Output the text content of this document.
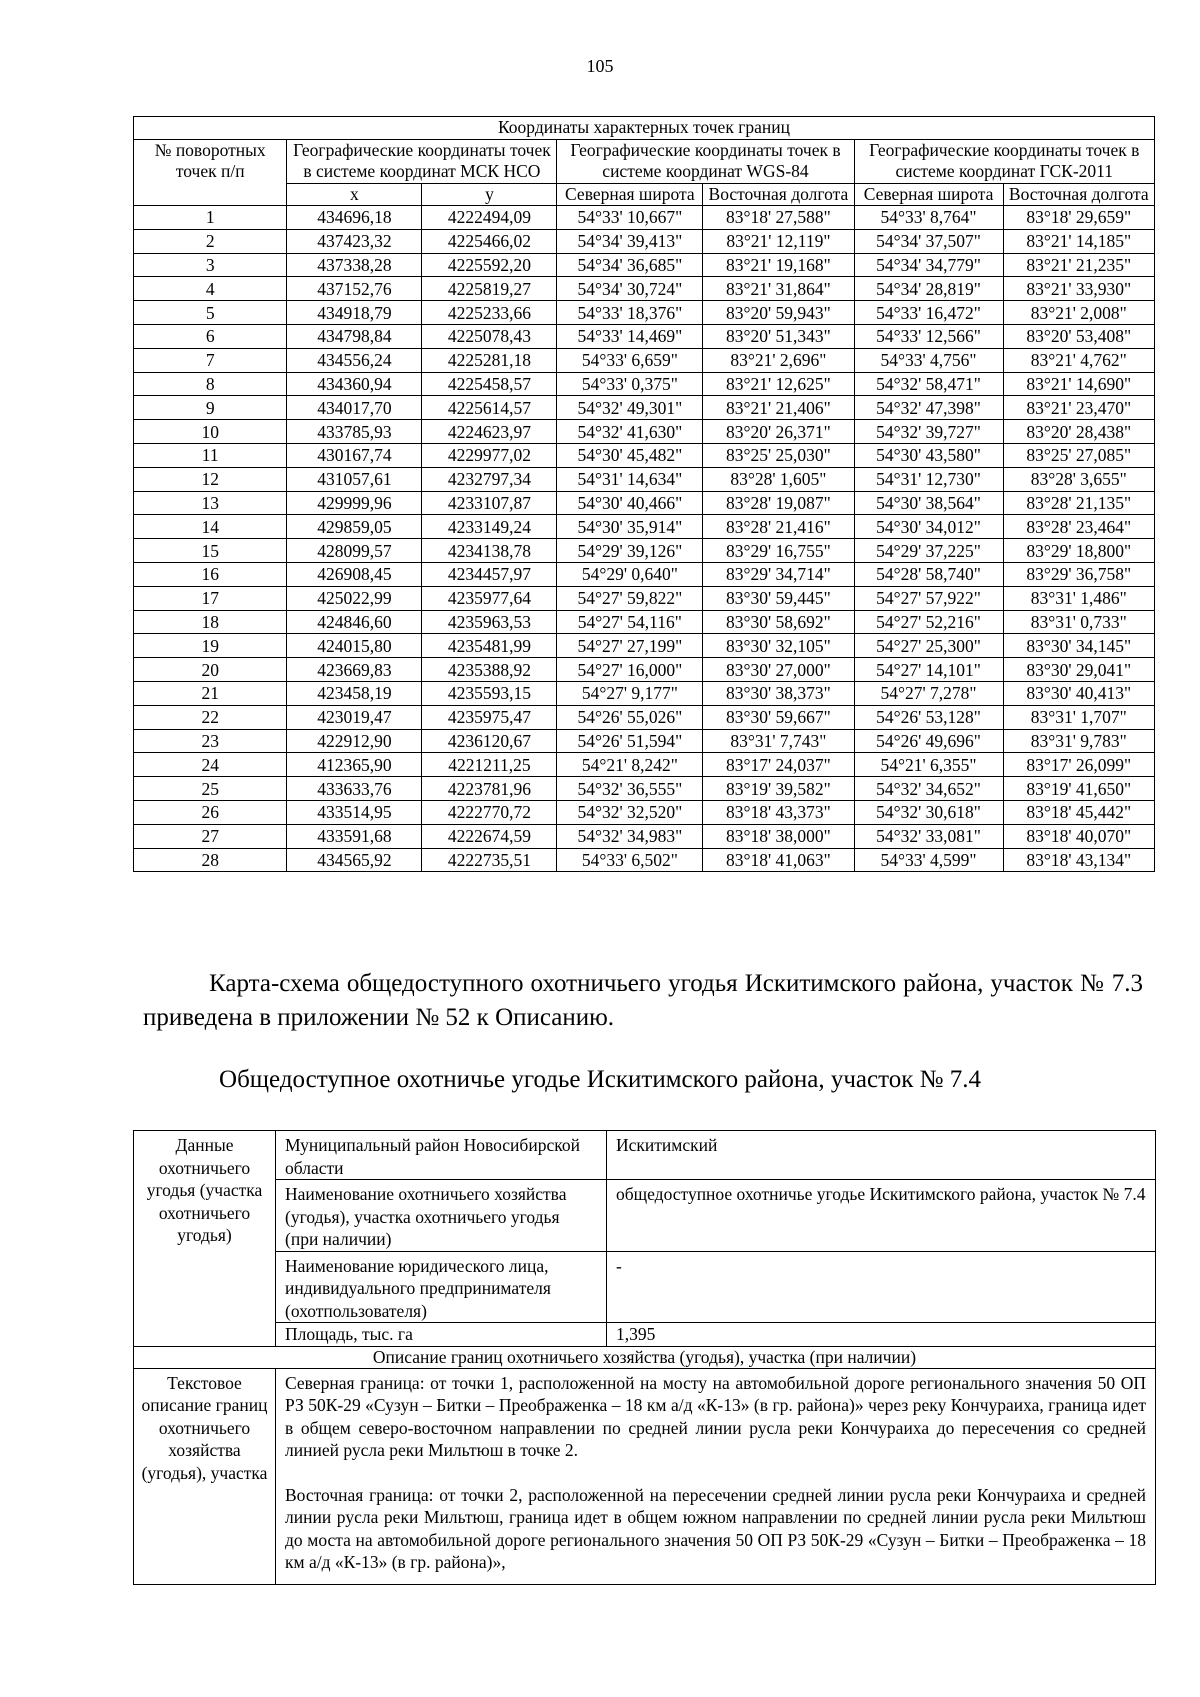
105
Координаты характерных точек границ						
№ поворотных точек п/п	Географические координаты точек в системе координат МСК НСО		Географические координаты точек в системе координат WGS-84		Географические координаты точек в системе координат ГСК-2011	
	x	y	Северная широта	Восточная долгота	Северная широта	Восточная долгота

1	434696,18	4222494,09	54°33' 10,667"	83°18' 27,588"	54°33' 8,764"	83°18' 29,659"
2	437423,32	4225466,02	54°34' 39,413"	83°21' 12,119"	54°34' 37,507"	83°21' 14,185"
3	437338,28	4225592,20	54°34' 36,685"	83°21' 19,168"	54°34' 34,779"	83°21' 21,235"
4	437152,76	4225819,27	54°34' 30,724"	83°21' 31,864"	54°34' 28,819"	83°21' 33,930"
5	434918,79	4225233,66	54°33' 18,376"	83°20' 59,943"	54°33' 16,472"	83°21' 2,008"
6	434798,84	4225078,43	54°33' 14,469"	83°20' 51,343"	54°33' 12,566"	83°20' 53,408"
7	434556,24	4225281,18	54°33' 6,659"	83°21' 2,696"	54°33' 4,756"	83°21' 4,762"
8	434360,94	4225458,57	54°33' 0,375"	83°21' 12,625"	54°32' 58,471"	83°21' 14,690"
9	434017,70	4225614,57	54°32' 49,301"	83°21' 21,406"	54°32' 47,398"	83°21' 23,470"
10	433785,93	4224623,97	54°32' 41,630"	83°20' 26,371"	54°32' 39,727"	83°20' 28,438"
11	430167,74	4229977,02	54°30' 45,482"	83°25' 25,030"	54°30' 43,580"	83°25' 27,085"
12	431057,61	4232797,34	54°31' 14,634"	83°28' 1,605"	54°31' 12,730"	83°28' 3,655"
13	429999,96	4233107,87	54°30' 40,466"	83°28' 19,087"	54°30' 38,564"	83°28' 21,135"
14	429859,05	4233149,24	54°30' 35,914"	83°28' 21,416"	54°30' 34,012"	83°28' 23,464"
15	428099,57	4234138,78	54°29' 39,126"	83°29' 16,755"	54°29' 37,225"	83°29' 18,800"
16	426908,45	4234457,97	54°29' 0,640"	83°29' 34,714"	54°28' 58,740"	83°29' 36,758"
17	425022,99	4235977,64	54°27' 59,822"	83°30' 59,445"	54°27' 57,922"	83°31' 1,486"
18	424846,60	4235963,53	54°27' 54,116"	83°30' 58,692"	54°27' 52,216"	83°31' 0,733"
19	424015,80	4235481,99	54°27' 27,199"	83°30' 32,105"	54°27' 25,300"	83°30' 34,145"
20	423669,83	4235388,92	54°27' 16,000"	83°30' 27,000"	54°27' 14,101"	83°30' 29,041"
21	423458,19	4235593,15	54°27' 9,177"	83°30' 38,373"	54°27' 7,278"	83°30' 40,413"
22	423019,47	4235975,47	54°26' 55,026"	83°30' 59,667"	54°26' 53,128"	83°31' 1,707"
23	422912,90	4236120,67	54°26' 51,594"	83°31' 7,743"	54°26' 49,696"	83°31' 9,783"
24	412365,90	4221211,25	54°21' 8,242"	83°17' 24,037"	54°21' 6,355"	83°17' 26,099"
25	433633,76	4223781,96	54°32' 36,555"	83°19' 39,582"	54°32' 34,652"	83°19' 41,650"
26	433514,95	4222770,72	54°32' 32,520"	83°18' 43,373"	54°32' 30,618"	83°18' 45,442"
27	433591,68	4222674,59	54°32' 34,983"	83°18' 38,000"	54°32' 33,081"	83°18' 40,070"
28	434565,92	4222735,51	54°33' 6,502"	83°18' 41,063"	54°33' 4,599"	83°18' 43,134"
Карта-схема общедоступного охотничьего угодья Искитимского района, участок № 7.3 приведена в приложении № 52 к Описанию.
Общедоступное охотничье угодье Искитимского района, участок № 7.4
Данные охотничьего угодья (участка охотничьего угодья)	Муниципальный район Новосибирской области	Искитимский
	Наименование охотничьего хозяйства (угодья), участка охотничьего угодья (при наличии)	общедоступное охотничье угодье Искитимского района, участок № 7.4
	Наименование юридического лица, индивидуального предпринимателя (охотпользователя)	-
	Площадь, тыс. га	1,395
Описание границ охотничьего хозяйства (угодья), участка (при наличии)		
Текстовое описание границ охотничьего хозяйства (угодья), участка	Северная граница: от точки 1, расположенной на мосту на автомобильной дороге регионального значения 50 ОП РЗ 50К-29 «Сузун – Битки – Преображенка – 18 км а/д «К-13» (в гр. района)» через реку Кончураиха, граница идет в общем северо-восточном направлении по средней линии русла реки Кончураиха до пересечения со средней линией русла реки Мильтюш в точке 2.

Восточная граница: от точки 2, расположенной на пересечении средней линии русла реки Кончураиха и средней линии русла реки Мильтюш, граница идет в общем южном направлении по средней линии русла реки Мильтюш до моста на автомобильной дороге регионального значения 50 ОП РЗ 50К-29 «Сузун – Битки – Преображенка – 18 км а/д «К-13» (в гр. района)»,	
